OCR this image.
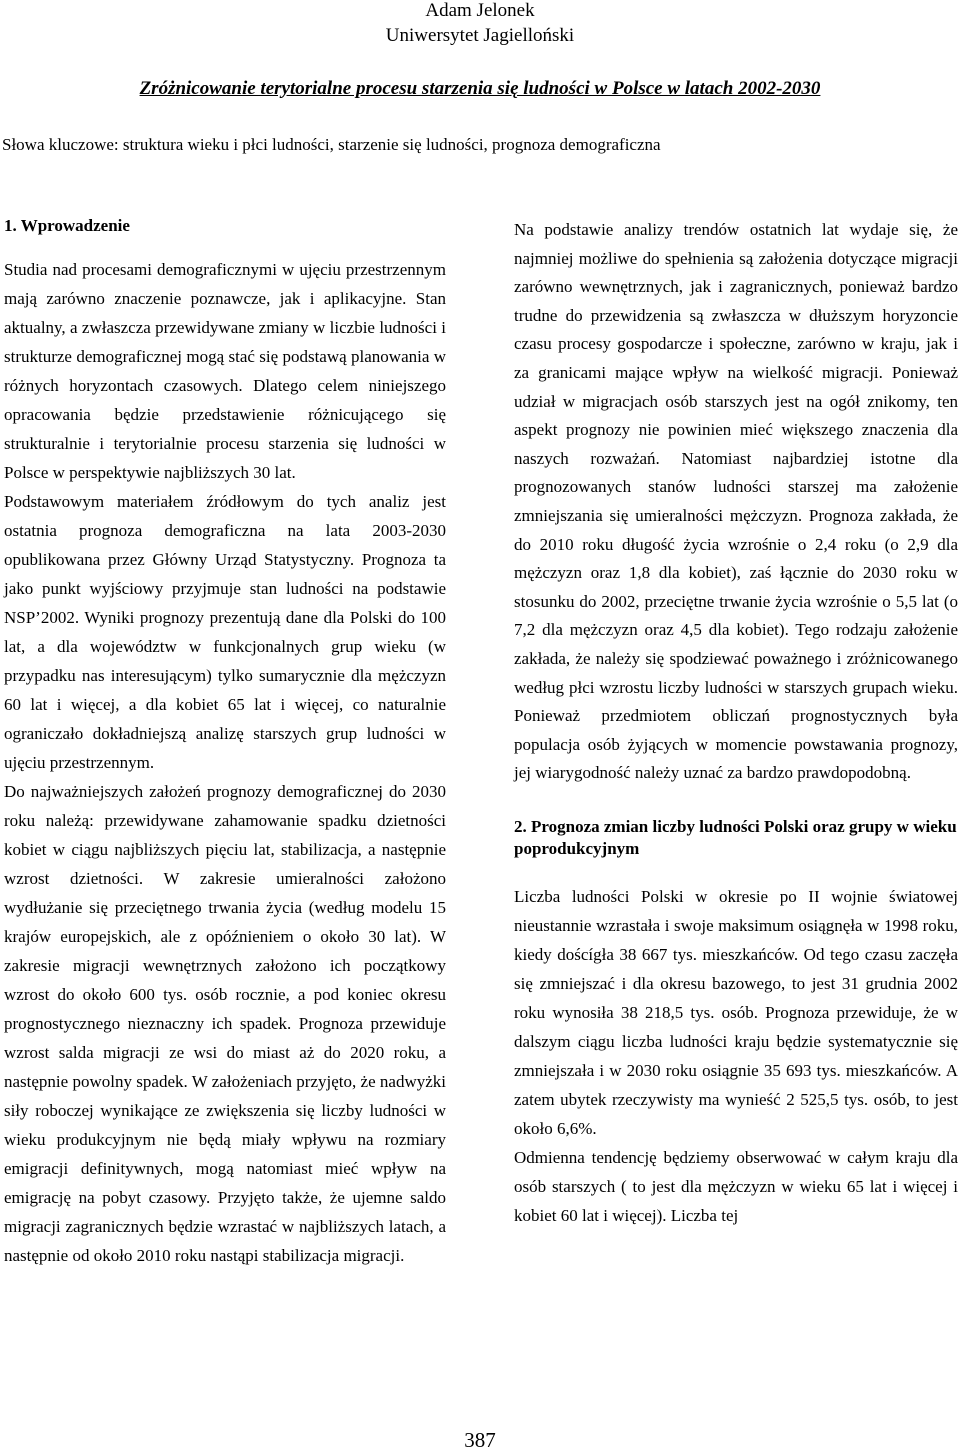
Adam Jelonek
Uniwersytet Jagielloński
Zróżnicowanie terytorialne procesu starzenia się ludności w Polsce w latach 2002-2030
Słowa kluczowe: struktura wieku i płci ludności, starzenie się ludności, prognoza demograficzna
1. Wprowadzenie

Studia nad procesami demograficznymi w ujęciu przestrzennym mają zarówno znaczenie poznawcze, jak i aplikacyjne. Stan aktualny, a zwłaszcza przewidywane zmiany w liczbie ludności i strukturze demograficznej mogą stać się podstawą planowania w różnych horyzontach czasowych. Dlatego celem niniejszego opracowania będzie przedstawienie różnicującego się strukturalnie i terytorialnie procesu starzenia się ludności w Polsce w perspektywie najbliższych 30 lat.

Podstawowym materiałem źródłowym do tych analiz jest ostatnia prognoza demograficzna na lata 2003-2030 opublikowana przez Główny Urząd Statystyczny. Prognoza ta jako punkt wyjściowy przyjmuje stan ludności na podstawie NSP’2002. Wyniki prognozy prezentują dane dla Polski do 100 lat, a dla województw w funkcjonalnych grup wieku (w przypadku nas interesującym) tylko sumarycznie dla mężczyzn 60 lat i więcej, a dla kobiet 65 lat i więcej, co naturalnie ograniczało dokładniejszą analizę starszych grup ludności w ujęciu przestrzennym.

Do najważniejszych założeń prognozy demograficznej do 2030 roku należą: przewidywane zahamowanie spadku dzietności kobiet w ciągu najbliższych pięciu lat, stabilizacja, a następnie wzrost dzietności. W zakresie umieralności założono wydłużanie się przeciętnego trwania życia (według modelu 15 krajów europejskich, ale z opóźnieniem o około 30 lat). W zakresie migracji wewnętrznych założono ich początkowy wzrost do około 600 tys. osób rocznie, a pod koniec okresu prognostycznego nieznaczny ich spadek. Prognoza przewiduje wzrost salda migracji ze wsi do miast aż do 2020 roku, a następnie powolny spadek. W założeniach przyjęto, że nadwyżki siły roboczej wynikające ze zwiększenia się liczby ludności w wieku produkcyjnym nie będą miały wpływu na rozmiary emigracji definitywnych, mogą natomiast mieć wpływ na emigrację na pobyt czasowy. Przyjęto także, że ujemne saldo migracji zagranicznych będzie wzrastać w najbliższych latach, a następnie od około 2010 roku nastąpi stabilizacja migracji.

Na podstawie analizy trendów ostatnich lat wydaje się, że najmniej możliwe do spełnienia są założenia dotyczące migracji zarówno wewnętrznych, jak i zagranicznych, ponieważ bardzo trudne do przewidzenia są zwłaszcza w dłuższym horyzoncie czasu procesy gospodarcze i społeczne, zarówno w kraju, jak i za granicami mające wpływ na wielkość migracji. Ponieważ udział w migracjach osób starszych jest na ogół znikomy, ten aspekt prognozy nie powinien mieć większego znaczenia dla naszych rozważań. Natomiast najbardziej istotne dla prognozowanych stanów ludności starszej ma założenie zmniejszania się umieralności mężczyzn. Prognoza zakłada, że do 2010 roku długość życia wzrośnie o 2,4 roku (o 2,9 dla mężczyzn oraz 1,8 dla kobiet), zaś łącznie do 2030 roku w stosunku do 2002, przeciętne trwanie życia wzrośnie o 5,5 lat (o 7,2 dla mężczyzn oraz 4,5 dla kobiet). Tego rodzaju założenie zakłada, że należy się spodziewać poważnego i zróżnicowanego według płci wzrostu liczby ludności w starszych grupach wieku. Ponieważ przedmiotem obliczań prognostycznych była populacja osób żyjących w momencie powstawania prognozy, jej wiarygodność należy uznać za bardzo prawdopodobną.

2. Prognoza zmian liczby ludności Polski oraz grupy w wieku poprodukcyjnym

Liczba ludności Polski w okresie po II wojnie światowej nieustannie wzrastała i swoje maksimum osiągnęła w 1998 roku, kiedy doścígła 38 667 tys. mieszkańców. Od tego czasu zaczęła się zmniejszać i dla okresu bazowego, to jest 31 grudnia 2002 roku wynosiła 38 218,5 tys. osób. Prognoza przewiduje, że w dalszym ciągu liczba ludności kraju będzie systematycznie się zmniejszała i w 2030 roku osiągnie 35 693 tys. mieszkańców. A zatem ubytek rzeczywisty ma wynieść 2 525,5 tys. osób, to jest około 6,6%.

Odmienna tendencję będziemy obserwować w całym kraju dla osób starszych ( to jest dla mężczyzn w wieku 65 lat i więcej i kobiet 60 lat i więcej). Liczba tej

387
